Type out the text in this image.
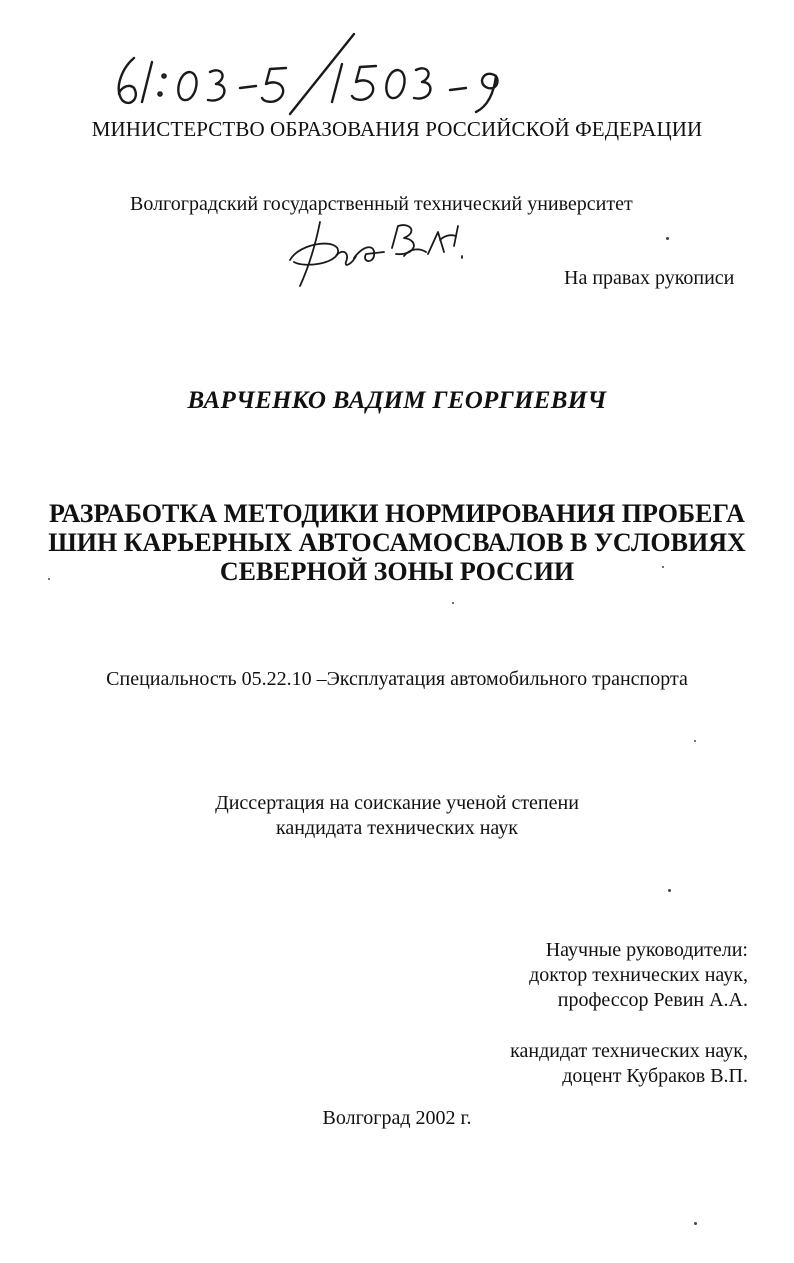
МИНИСТЕРСТВО ОБРАЗОВАНИЯ РОССИЙСКОЙ ФЕДЕРАЦИИ
Волгоградский государственный технический университет
На правах рукописи
ВАРЧЕНКО ВАДИМ ГЕОРГИЕВИЧ
РАЗРАБОТКА МЕТОДИКИ НОРМИРОВАНИЯ ПРОБЕГА
ШИН КАРЬЕРНЫХ АВТОСАМОСВАЛОВ В УСЛОВИЯХ
СЕВЕРНОЙ ЗОНЫ РОССИИ
Специальность 05.22.10 –Эксплуатация автомобильного транспорта
Диссертация на соискание ученой степени
кандидата технических наук
Научные руководители:
доктор технических наук,
профессор Ревин А.А.
кандидат технических наук,
доцент Кубраков В.П.
Волгоград 2002 г.
